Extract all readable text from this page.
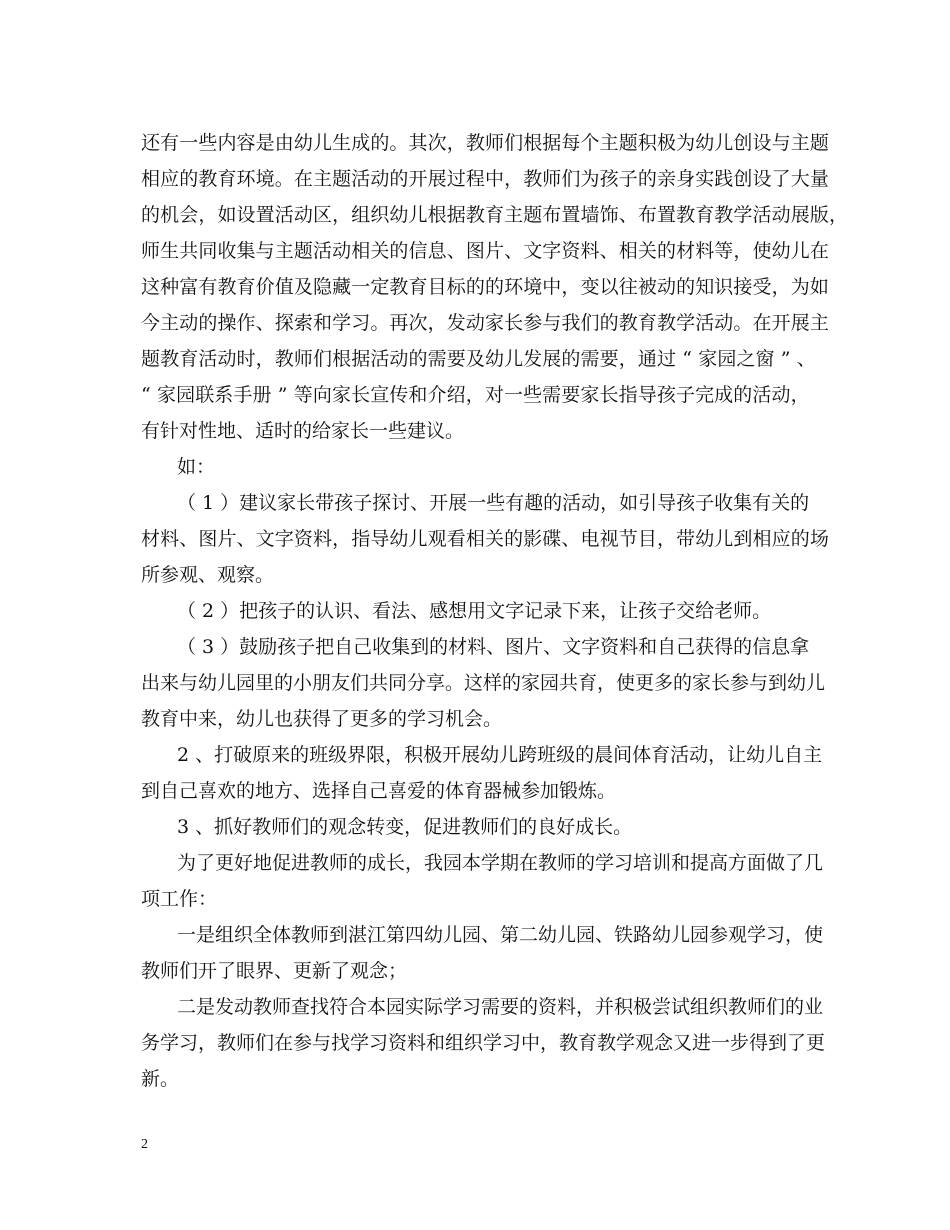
还有一些内容是由幼儿生成的。其次，教师们根据每个主题积极为幼儿创设与主题

相应的教育环境。在主题活动的开展过程中，教师们为孩子的亲身实践创设了大量

的机会，如设置活动区，组织幼儿根据教育主题布置墙饰、布置教育教学活动展版，

师生共同收集与主题活动相关的信息、图片、文字资料、相关的材料等，使幼儿在

这种富有教育价值及隐藏一定教育目标的的环境中，变以往被动的知识接受，为如

今主动的操作、探索和学习。再次，发动家长参与我们的教育教学活动。在开展主

题教育活动时，教师们根据活动的需要及幼儿发展的需要，通过 “ 家园之窗 ” 、

“ 家园联系手册 ” 等向家长宣传和介绍，对一些需要家长指导孩子完成的活动，

有针对性地、适时的给家长一些建议。

如：

（ 1 ）建议家长带孩子探讨、开展一些有趣的活动，如引导孩子收集有关的

材料、图片、文字资料，指导幼儿观看相关的影碟、电视节目，带幼儿到相应的场

所参观、观察。

（ 2 ）把孩子的认识、看法、感想用文字记录下来，让孩子交给老师。

（ 3 ）鼓励孩子把自己收集到的材料、图片、文字资料和自己获得的信息拿

出来与幼儿园里的小朋友们共同分享。这样的家园共育，使更多的家长参与到幼儿

教育中来，幼儿也获得了更多的学习机会。

2 、打破原来的班级界限，积极开展幼儿跨班级的晨间体育活动，让幼儿自主

到自己喜欢的地方、选择自己喜爱的体育器械参加锻炼。

3 、抓好教师们的观念转变，促进教师们的良好成长。

为了更好地促进教师的成长，我园本学期在教师的学习培训和提高方面做了几

项工作：

一是组织全体教师到湛江第四幼儿园、第二幼儿园、铁路幼儿园参观学习，使

教师们开了眼界、更新了观念；

二是发动教师查找符合本园实际学习需要的资料，并积极尝试组织教师们的业

务学习，教师们在参与找学习资料和组织学习中，教育教学观念又进一步得到了更

新。

2
